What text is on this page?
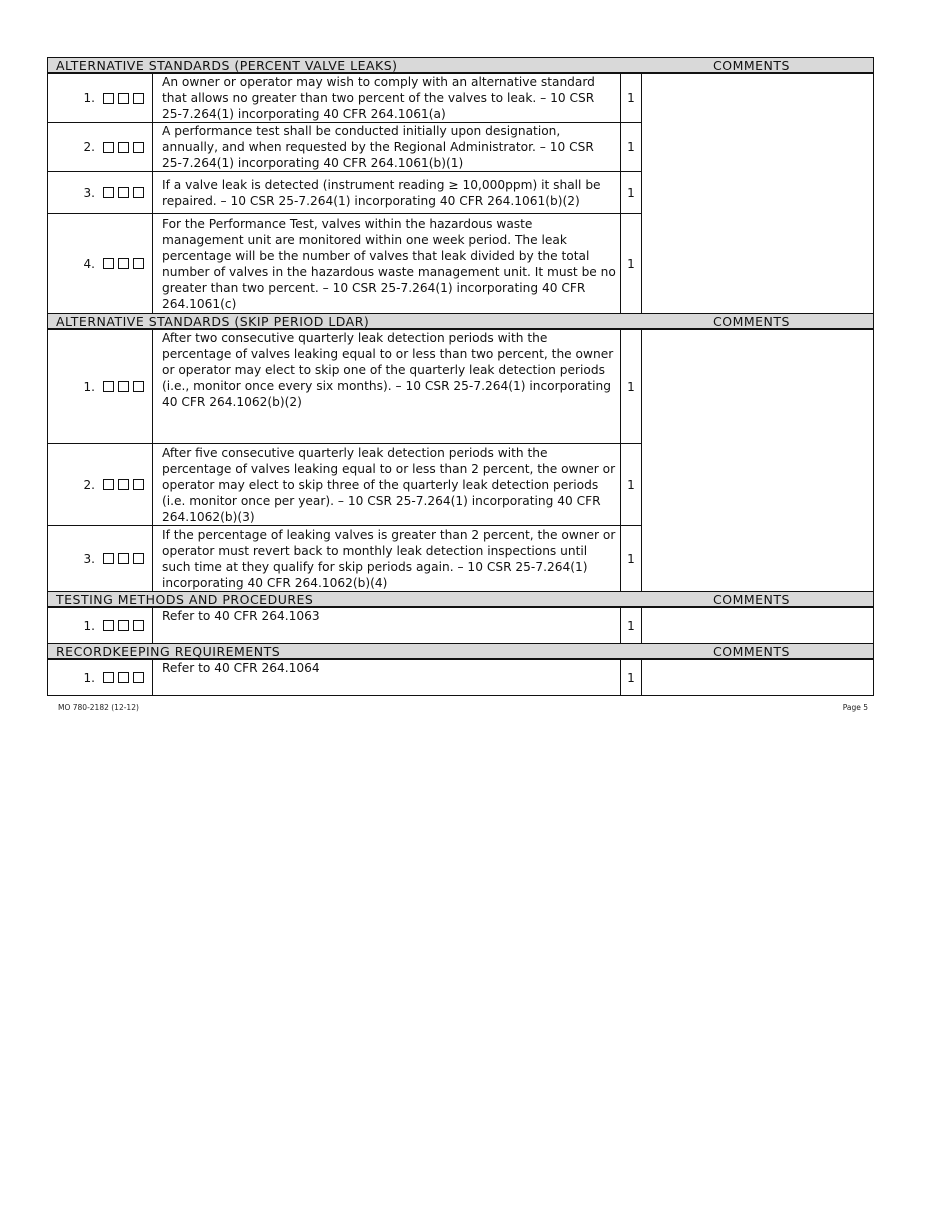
ALTERNATIVE STANDARDS (PERCENT VALVE LEAKS)	COMMENTS
1.
An owner or operator may wish to comply with an alternative standard that allows no greater than two percent of the valves to leak. – 10 CSR 25-7.264(1) incorporating 40 CFR 264.1061(a)
1
2.
A performance test shall be conducted initially upon designation, annually, and when requested by the Regional Administrator. – 10 CSR 25-7.264(1) incorporating 40 CFR 264.1061(b)(1)
1
3.
If a valve leak is detected (instrument reading ≥ 10,000ppm) it shall be repaired. – 10 CSR 25-7.264(1) incorporating 40 CFR 264.1061(b)(2)
1
4.
For the Performance Test, valves within the hazardous waste management unit are monitored within one week period. The leak percentage will be the number of valves that leak divided by the total number of valves in the hazardous waste management unit. It must be no greater than two percent. – 10 CSR 25-7.264(1) incorporating 40 CFR 264.1061(c)
1
ALTERNATIVE STANDARDS (SKIP PERIOD LDAR)	COMMENTS
1.
After two consecutive quarterly leak detection periods with the percentage of valves leaking equal to or less than two percent, the owner or operator may elect to skip one of the quarterly leak detection periods (i.e., monitor once every six months). – 10 CSR 25-7.264(1) incorporating 40 CFR 264.1062(b)(2)
1
2.
After five consecutive quarterly leak detection periods with the percentage of valves leaking equal to or less than 2 percent, the owner or operator may elect to skip three of the quarterly leak detection periods (i.e. monitor once per year). – 10 CSR 25-7.264(1) incorporating 40 CFR 264.1062(b)(3)
1
3.
If the percentage of leaking valves is greater than 2 percent, the owner or operator must revert back to monthly leak detection inspections until such time at they qualify for skip periods again. – 10 CSR 25-7.264(1) incorporating 40 CFR 264.1062(b)(4)
1
TESTING METHODS AND PROCEDURES	COMMENTS
1.
Refer to 40 CFR 264.1063
1
RECORDKEEPING REQUIREMENTS	COMMENTS
1.
Refer to 40 CFR 264.1064
1
MO 780-2182 (12-12)	Page 5
